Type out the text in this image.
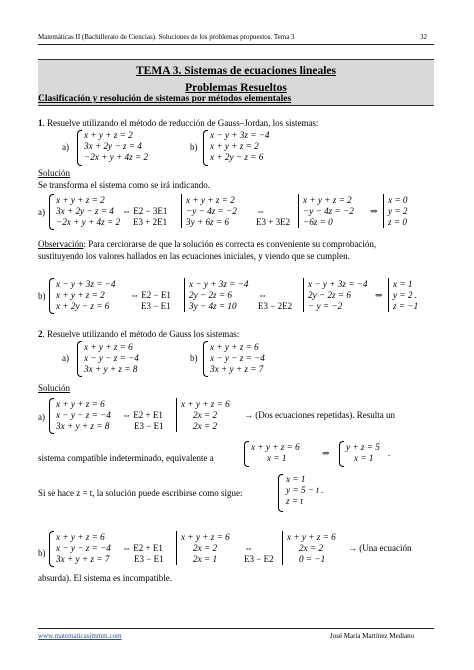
Matemáticas II (Bachillerato de Ciencias). Soluciones de los problemas propuestos. Tema 3	32
TEMA 3. Sistemas de ecuaciones lineales
Problemas Resueltos
Clasificación y resolución de sistemas por métodos elementales
1. Resuelve utilizando el método de reducción de Gauss–Jordan, los sistemas:
a)
x + y + z = 2
3x + 2y − z = 4
−2x + y + 4z = 2
b)
x − y + 3z = −4
x + y + z = 2
x + 2y − z = 6
Solución
Se transforma el sistema como se irá indicando.
a)
x + y + z = 2
3x + 2y − z = 4
−2x + y + 4z = 2
⇔ E2 − 3E1
E3 + 2E1
x + y + z = 2
−y − 4z = −2
3y + 6z = 6
⇔
E3 + 3E2
x + y + z = 2
−y − 4z = −2
−6z = 0
⇒
x = 0
y = 2
z = 0
Observación: Para cerciorarse de que la solución es correcta es conveniente su comprobación,
sustituyendo los valores hallados en las ecuaciones iniciales, y viendo que se cumplen.
b)
x − y + 3z = −4
x + y + z = 2
x + 2y − z = 6
⇔ E2 − E1
E3 − E1
x − y + 3z = −4
2y − 2z = 6
3y − 4z = 10
⇔
E3 − 2E2
x − y + 3z = −4
2y − 2z = 6
− y = −2
⇒
x = 1
y = 2 .
z = −1
2. Resuelve utilizando el método de Gauss los sistemas:
a)
x + y + z = 6
x − y − z = −4
3x + y + z = 8
b)
x + y + z = 6
x − y − z = −4
3x + y + z = 7
Solución
a)
x + y + z = 6
x − y − z = −4
3x + y + z = 8
⇔ E2 + E1
E3 − E1
x + y + z = 6
2x = 2
2x = 2
→ (Dos ecuaciones repetidas). Resulta un
sistema compatible indeterminado, equivalente a
x + y + z = 6
x = 1	⇒
y + z = 5
x = 1	.
Si se hace z = t, la solución puede escribirse como sigue:
x = 1
y = 5 − t .
z = t
b)
x + y + z = 6
x − y − z = −4
3x + y + z = 7
⇔ E2 + E1
E3 − E1
x + y + z = 6
2x = 2
2x = 1
⇔
E3 − E2
x + y + z = 6
2x = 2
0 = −1
→ (Una ecuación
absurda). El sistema es incompatible.
www.matematicasjmmm.com	José María Martínez Mediano
